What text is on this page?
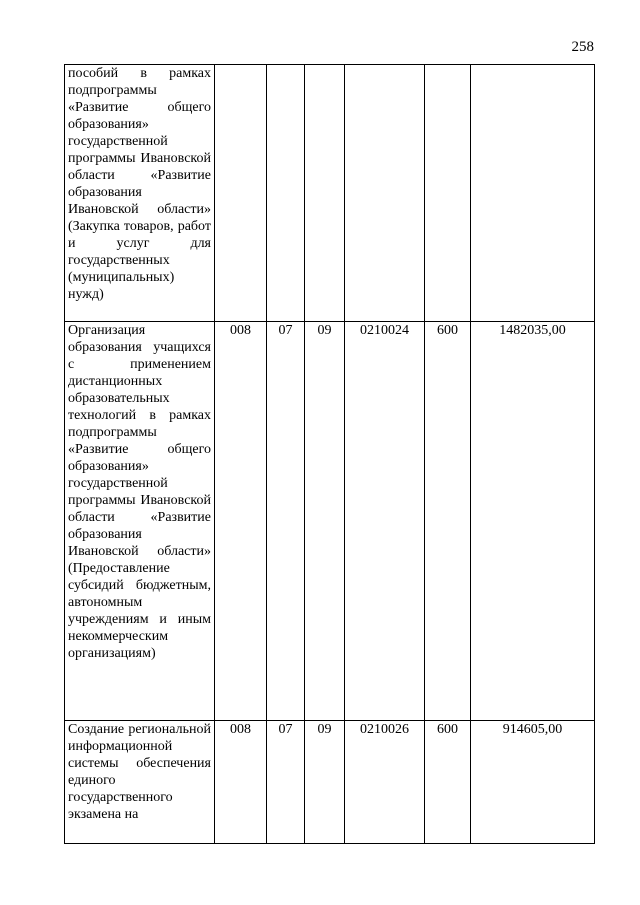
258
пособий в рамках подпрограммы «Развитие общего образования» государственной программы Ивановской области «Развитие образования Ивановской области» (Закупка товаров, работ и услуг для государственных (муниципальных) нужд)						
Организация образования учащихся с применением дистанционных образовательных технологий в рамках подпрограммы «Развитие общего образования» государственной программы Ивановской области «Развитие образования Ивановской области» (Предоставление субсидий бюджетным, автономным учреждениям и иным некоммерческим организациям)	008	07	09	0210024	600	1482035,00
Создание региональной информационной системы обеспечения единого государственного экзамена на	008	07	09	0210026	600	914605,00
